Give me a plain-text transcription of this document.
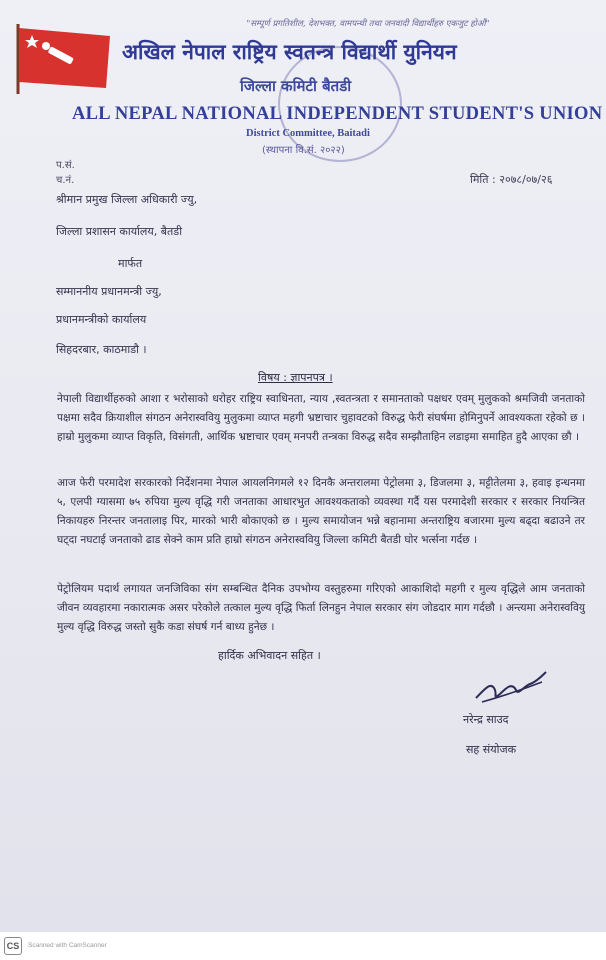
"सम्पूर्ण प्रगतिशील, देशभक्त, वामपन्थी तथा जनवादी विद्यार्थीहरु एकजुट होऔं"
अखिल नेपाल राष्ट्रिय स्वतन्त्र विद्यार्थी युनियन
जिल्ला कमिटी बैतडी
ALL NEPAL NATIONAL INDEPENDENT STUDENT'S UNION
District Committee, Baitadi
(स्थापना वि.सं. २०२२)
प.सं.
च.नं.	मिति : २०७८/०७/२६
श्रीमान प्रमुख जिल्ला अधिकारी ज्यु,
जिल्ला प्रशासन कार्यालय, बैतडी
मार्फत
सम्माननीय प्रधानमन्त्री ज्यु,
प्रधानमन्त्रीको कार्यालय
सिहदरबार, काठमाडौ ।
विषय : ज्ञापनपत्र ।
नेपाली विद्यार्थीहरुको आशा र भरोसाको धरोहर राष्ट्रिय स्वाधिनता, न्याय ,स्वतन्त्रता र समानताको पक्षधर एवम् मुलुकको श्रमजिवी जनताको पक्षमा सदैव क्रियाशील संगठन अनेरास्ववियु मुलुकमा व्याप्त महगी भ्रष्टाचार चुहावटको विरुद्ध फेरी संघर्षमा होमिनुपर्ने आवश्यकता रहेको छ । हाम्रो मुलुकमा व्याप्त विकृति, विसंगती, आर्थिक भ्रष्टाचार एवम् मनपरी तन्त्रका विरुद्ध सदैव सम्झौताहिन लडाइमा समाहित हुदै आएका छौ ।
आज फेरी परमादेश सरकारको निर्देशनमा नेपाल आयलनिगमले १२ दिनकै अन्तरालमा पेट्रोलमा ३, डिजलमा ३, मट्टीतेलमा ३, हवाइ इन्धनमा ५, एलपी ग्यासमा ७५ रुपिया मुल्य वृद्धि गरी जनताका आधारभुत आवश्यकताको व्यवस्था गर्दै यस परमादेशी सरकार र सरकार नियन्त्रित निकायहरु निरन्तर जनतालाइ पिर, मारकाे भारी बाेकाएकाे छ । मुल्य समायोजन भन्ने बहानामा अन्तराष्ट्रिय बजारमा मुल्य बढ्दा बढाउने तर घट्दा नघटाई जनताको ढाड सेक्ने काम प्रति हाम्रो संगठन अनेरास्ववियु जिल्ला कमिटी बैतडी घोर भर्त्सना गर्दछ ।
पेट्रोलियम पदार्थ लगायत जनजिविका संग सम्बन्धित दैनिक उपभोग्य वस्तुहरुमा गरिएको आकाशिदो महगी र मुल्य वृद्धिले आम जनताको जीवन व्यवहारमा नकारात्मक असर परेकोले तत्काल मुल्य वृद्धि फिर्ता लिनहुन नेपाल सरकार संग जोडदार माग गर्दछौ । अन्त्यमा अनेरास्ववियु मुल्य वृद्धि विरुद्ध जस्तो सुकै कडा संघर्ष गर्न बाध्य हुनेछ ।
हार्दिक अभिवादन सहित ।
नरेन्द्र साउद
सह संयोजक
CS	Scanned with CamScanner
